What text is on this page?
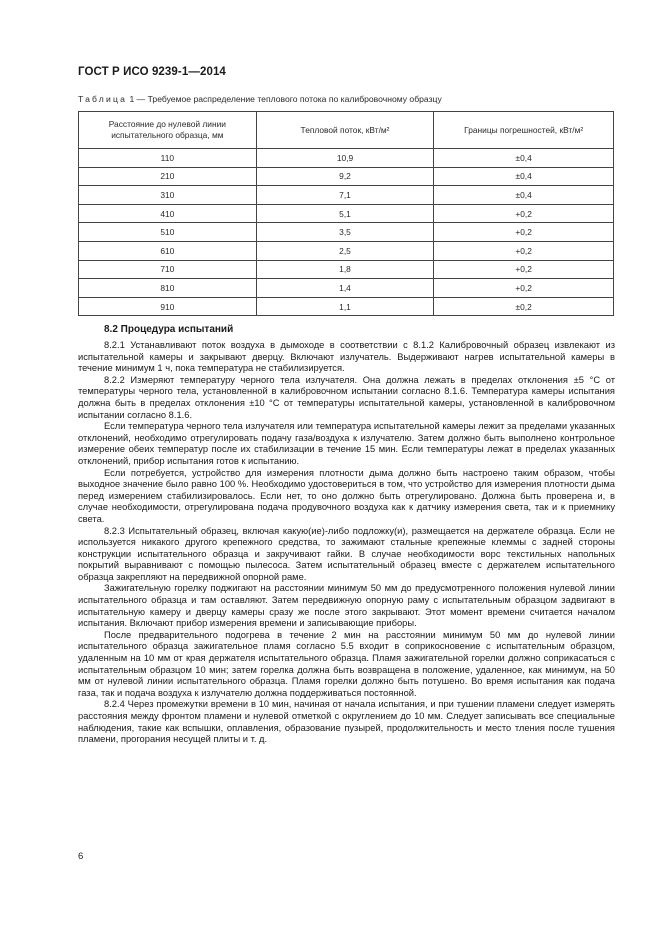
ГОСТ Р ИСО 9239-1—2014
Таблица 1 — Требуемое распределение теплового потока по калибровочному образцу
Расстояние до нулевой линии испытательного образца, мм	Тепловой поток, кВт/м²	Границы погрешностей, кВт/м²
110	10,9	±0,4
210	9,2	±0,4
310	7,1	±0,4
410	5,1	+0,2
510	3,5	+0,2
610	2,5	+0,2
710	1,8	+0,2
810	1,4	+0,2
910	1,1	±0,2
8.2 Процедура испытаний

8.2.1 Устанавливают поток воздуха в дымоходе в соответствии с 8.1.2 Калибровочный образец извлекают из испытательной камеры и закрывают дверцу. Включают излучатель. Выдерживают нагрев испытательной камеры в течение минимум 1 ч, пока температура не стабилизируется.

8.2.2 Измеряют температуру черного тела излучателя. Она должна лежать в пределах отклонения ±5 °С от температуры черного тела, установленной в калибровочном испытании согласно 8.1.6. Температура камеры испытания должна быть в пределах отклонения ±10 °С от температуры испытательной камеры, установленной в калибровочном испытании согласно 8.1.6.

Если температура черного тела излучателя или температура испытательной камеры лежит за пределами указанных отклонений, необходимо отрегулировать подачу газа/воздуха к излучателю. Затем должно быть выполнено контрольное измерение обеих температур после их стабилизации в течение 15 мин. Если температуры лежат в пределах указанных отклонений, прибор испытания готов к испытанию.

Если потребуется, устройство для измерения плотности дыма должно быть настроено таким образом, чтобы выходное значение было равно 100 %. Необходимо удостовериться в том, что устройство для измерения плотности дыма перед измерением стабилизировалось. Если нет, то оно должно быть отрегулировано. Должна быть проверена и, в случае необходимости, отрегулирована подача продувочного воздуха как к датчику измерения света, так и к приемнику света.

8.2.3 Испытательный образец, включая какую(ие)-либо подложку(и), размещается на держателе образца. Если не используется никакого другого крепежного средства, то зажимают стальные крепежные клеммы с задней стороны конструкции испытательного образца и закручивают гайки. В случае необходимости ворс текстильных напольных покрытий выравнивают с помощью пылесоса. Затем испытательный образец вместе с держателем испытательного образца закрепляют на передвижной опорной раме.

Зажигательную горелку поджигают на расстоянии минимум 50 мм до предусмотренного положения нулевой линии испытательного образца и там оставляют. Затем передвижную опорную раму с испытательным образцом задвигают в испытательную камеру и дверцу камеры сразу же после этого закрывают. Этот момент времени считается началом испытания. Включают прибор измерения времени и записывающие приборы.

После предварительного подогрева в течение 2 мин на расстоянии минимум 50 мм до нулевой линии испытательного образца зажигательное пламя согласно 5.5 входит в соприкосновение с испытательным образцом, удаленным на 10 мм от края держателя испытательного образца. Пламя зажигательной горелки должно соприкасаться с испытательным образцом 10 мин; затем горелка должна быть возвращена в положение, удаленное, как минимум, на 50 мм от нулевой линии испытательного образца. Пламя горелки должно быть потушено. Во время испытания как подача газа, так и подача воздуха к излучателю должна поддерживаться постоянной.

8.2.4 Через промежутки времени в 10 мин, начиная от начала испытания, и при тушении пламени следует измерять расстояния между фронтом пламени и нулевой отметкой с округлением до 10 мм. Следует записывать все специальные наблюдения, такие как вспышки, оплавления, образование пузырей, продолжительность и место тления после тушения пламени, прогорания несущей плиты и т. д.

6
